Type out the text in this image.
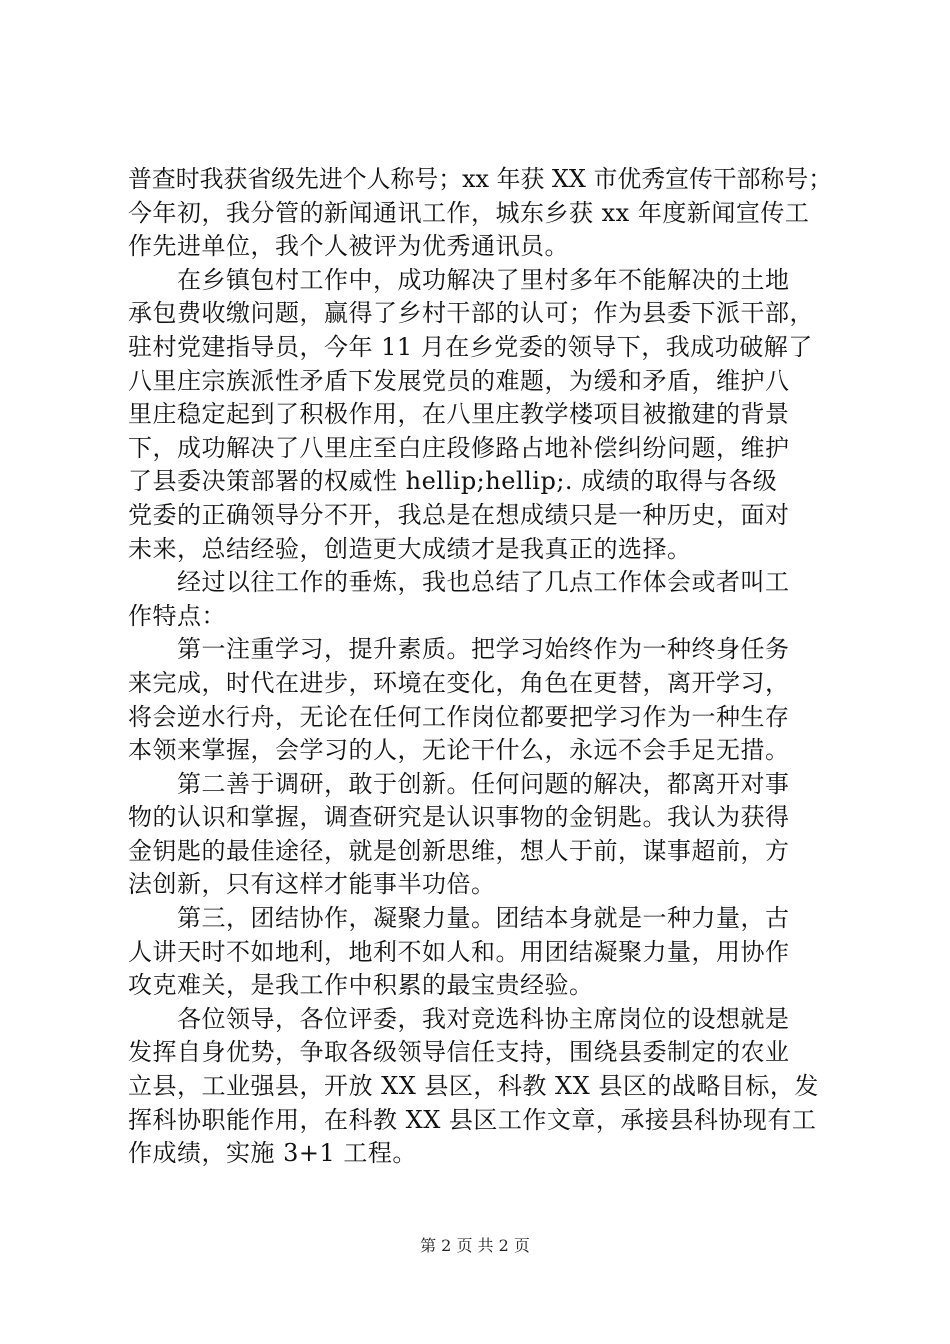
普查时我获省级先进个人称号；xx 年获 XX 市优秀宣传干部称号；
今年初，我分管的新闻通讯工作，城东乡获 xx 年度新闻宣传工
作先进单位，我个人被评为优秀通讯员。
　　在乡镇包村工作中，成功解决了里村多年不能解决的土地
承包费收缴问题，赢得了乡村干部的认可；作为县委下派干部，
驻村党建指导员，今年 11 月在乡党委的领导下，我成功破解了
八里庄宗族派性矛盾下发展党员的难题，为缓和矛盾，维护八
里庄稳定起到了积极作用，在八里庄教学楼项目被撤建的背景
下，成功解决了八里庄至白庄段修路占地补偿纠纷问题，维护
了县委决策部署的权威性 hellip;hellip;. 成绩的取得与各级
党委的正确领导分不开，我总是在想成绩只是一种历史，面对
未来，总结经验，创造更大成绩才是我真正的选择。
　　经过以往工作的垂炼，我也总结了几点工作体会或者叫工
作特点：
　　第一注重学习，提升素质。把学习始终作为一种终身任务
来完成，时代在进步，环境在变化，角色在更替，离开学习，
将会逆水行舟，无论在任何工作岗位都要把学习作为一种生存
本领来掌握，会学习的人，无论干什么，永远不会手足无措。
　　第二善于调研，敢于创新。任何问题的解决，都离开对事
物的认识和掌握，调查研究是认识事物的金钥匙。我认为获得
金钥匙的最佳途径，就是创新思维，想人于前，谋事超前，方
法创新，只有这样才能事半功倍。
　　第三，团结协作，凝聚力量。团结本身就是一种力量，古
人讲天时不如地利，地利不如人和。用团结凝聚力量，用协作
攻克难关，是我工作中积累的最宝贵经验。
　　各位领导，各位评委，我对竞选科协主席岗位的设想就是
发挥自身优势，争取各级领导信任支持，围绕县委制定的农业
立县，工业强县，开放 XX 县区，科教 XX 县区的战略目标，发
挥科协职能作用，在科教 XX 县区工作文章，承接县科协现有工
作成绩，实施 3+1 工程。
第 2 页 共 2 页
